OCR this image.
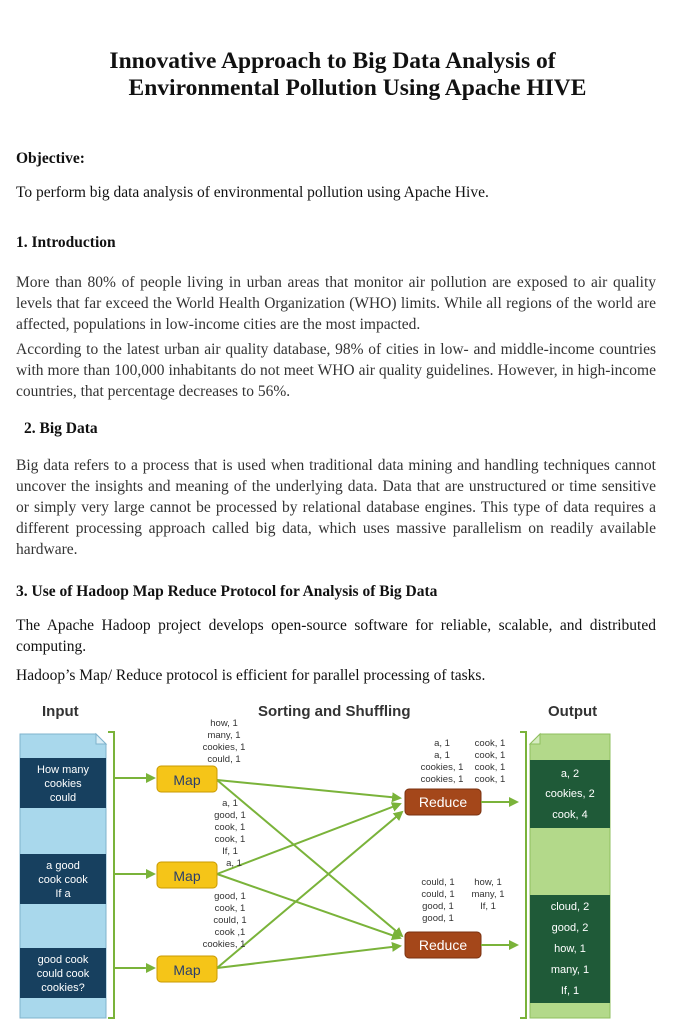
Innovative Approach to Big Data Analysis of
Environmental Pollution Using Apache HIVE
Objective:

To perform big data analysis of environmental pollution using Apache Hive.

1. Introduction

More than 80% of people living in urban areas that monitor air pollution are exposed to air quality levels that far exceed the World Health Organization (WHO) limits. While all regions of the world are affected, populations in low-income cities are the most impacted.

According to the latest urban air quality database, 98% of cities in low- and middle-income countries with more than 100,000 inhabitants do not meet WHO air quality guidelines. However, in high-income countries, that percentage decreases to 56%.

2. Big Data

Big data refers to a process that is used when traditional data mining and handling techniques cannot uncover the insights and meaning of the underlying data. Data that are unstructured or time sensitive or simply very large cannot be processed by relational database engines. This type of data requires a different processing approach called big data, which uses massive parallelism on readily available hardware.

3. Use of Hadoop Map Reduce Protocol for Analysis of Big Data

The Apache Hadoop project develops open-source software for reliable, scalable, and distributed computing.

Hadoop’s Map/ Reduce protocol is efficient for parallel processing of tasks.

Input	Sorting and Shuffling	Output
How many
cookies
could
a good
cook cook
If a
good cook
could cook
cookies?
Map
Map
Map
how, 1
many, 1
cookies, 1
could, 1
a, 1
good, 1
cook, 1
cook, 1
If, 1
a, 1
good, 1
cook, 1
could, 1
cook ,1
cookies, 1
a, 1
a, 1
cookies, 1
cookies, 1
cook, 1
cook, 1
cook, 1
cook, 1
could, 1
could, 1
good, 1
good, 1
how, 1
many, 1
If, 1
Reduce
Reduce
a, 2
cookies, 2
cook, 4
cloud, 2
good, 2
how, 1
many, 1
If, 1
